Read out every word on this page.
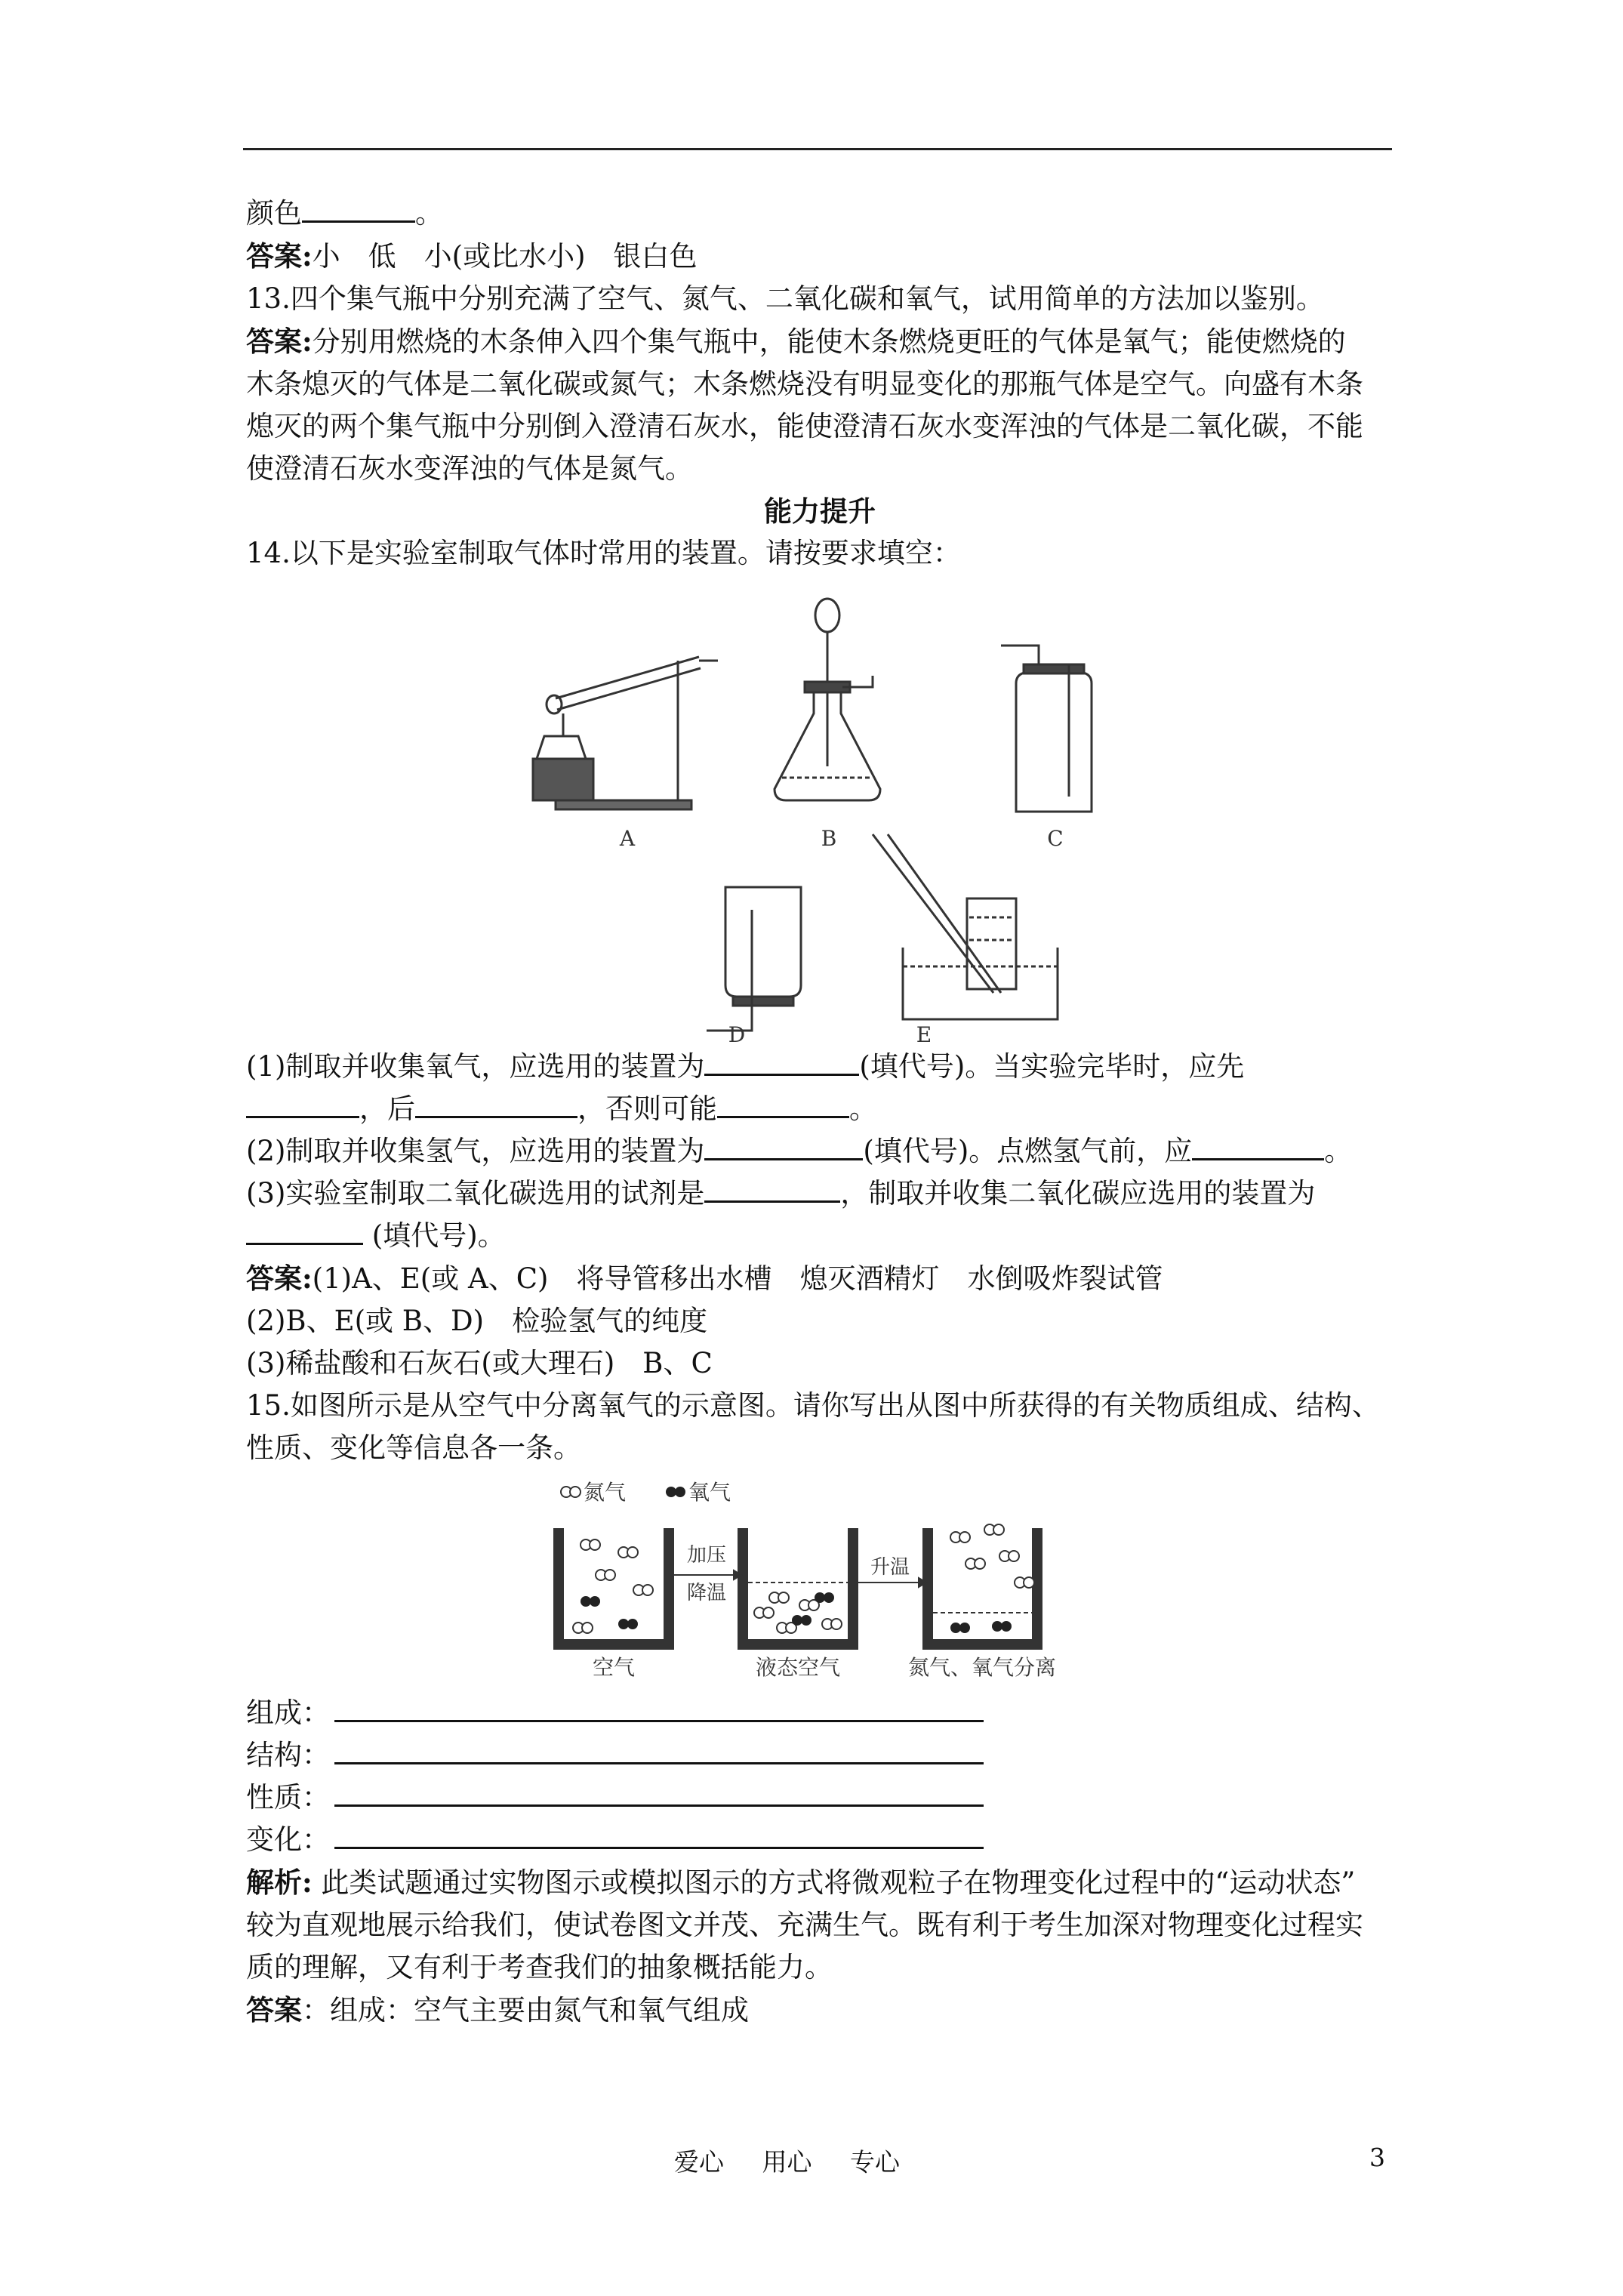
颜色	。
答案:小　低　小(或比水小)　银白色
13.四个集气瓶中分别充满了空气、氮气、二氧化碳和氧气，试用简单的方法加以鉴别。
答案:分别用燃烧的木条伸入四个集气瓶中，能使木条燃烧更旺的气体是氧气；能使燃烧的
木条熄灭的气体是二氧化碳或氮气；木条燃烧没有明显变化的那瓶气体是空气。向盛有木条
熄灭的两个集气瓶中分别倒入澄清石灰水，能使澄清石灰水变浑浊的气体是二氧化碳，不能
使澄清石灰水变浑浊的气体是氮气。
能力提升
14.以下是实验室制取气体时常用的装置。请按要求填空：
A	B	C
D	E
(1)制取并收集氧气，应选用的装置为	(填代号)。当实验完毕时，应先
，后	，否则可能	。
(2)制取并收集氢气，应选用的装置为	(填代号)。点燃氢气前，应	。
(3)实验室制取二氧化碳选用的试剂是	，制取并收集二氧化碳应选用的装置为
(填代号)。
答案:(1)A、E(或 A、C)　将导管移出水槽　熄灭酒精灯　水倒吸炸裂试管
(2)B、E(或 B、D)　检验氢气的纯度
(3)稀盐酸和石灰石(或大理石)　B、C
15.如图所示是从空气中分离氧气的示意图。请你写出从图中所获得的有关物质组成、结构、
性质、变化等信息各一条。
氮气	氧气
加压
降温
升温
空气	液态空气	氮气、氧气分离
组成：
结构：
性质：
变化：
解析: 此类试题通过实物图示或模拟图示的方式将微观粒子在物理变化过程中的“运动状态”
较为直观地展示给我们，使试卷图文并茂、充满生气。既有利于考生加深对物理变化过程实
质的理解，又有利于考查我们的抽象概括能力。
答案：组成：空气主要由氮气和氧气组成
爱心 用心 专心	3
